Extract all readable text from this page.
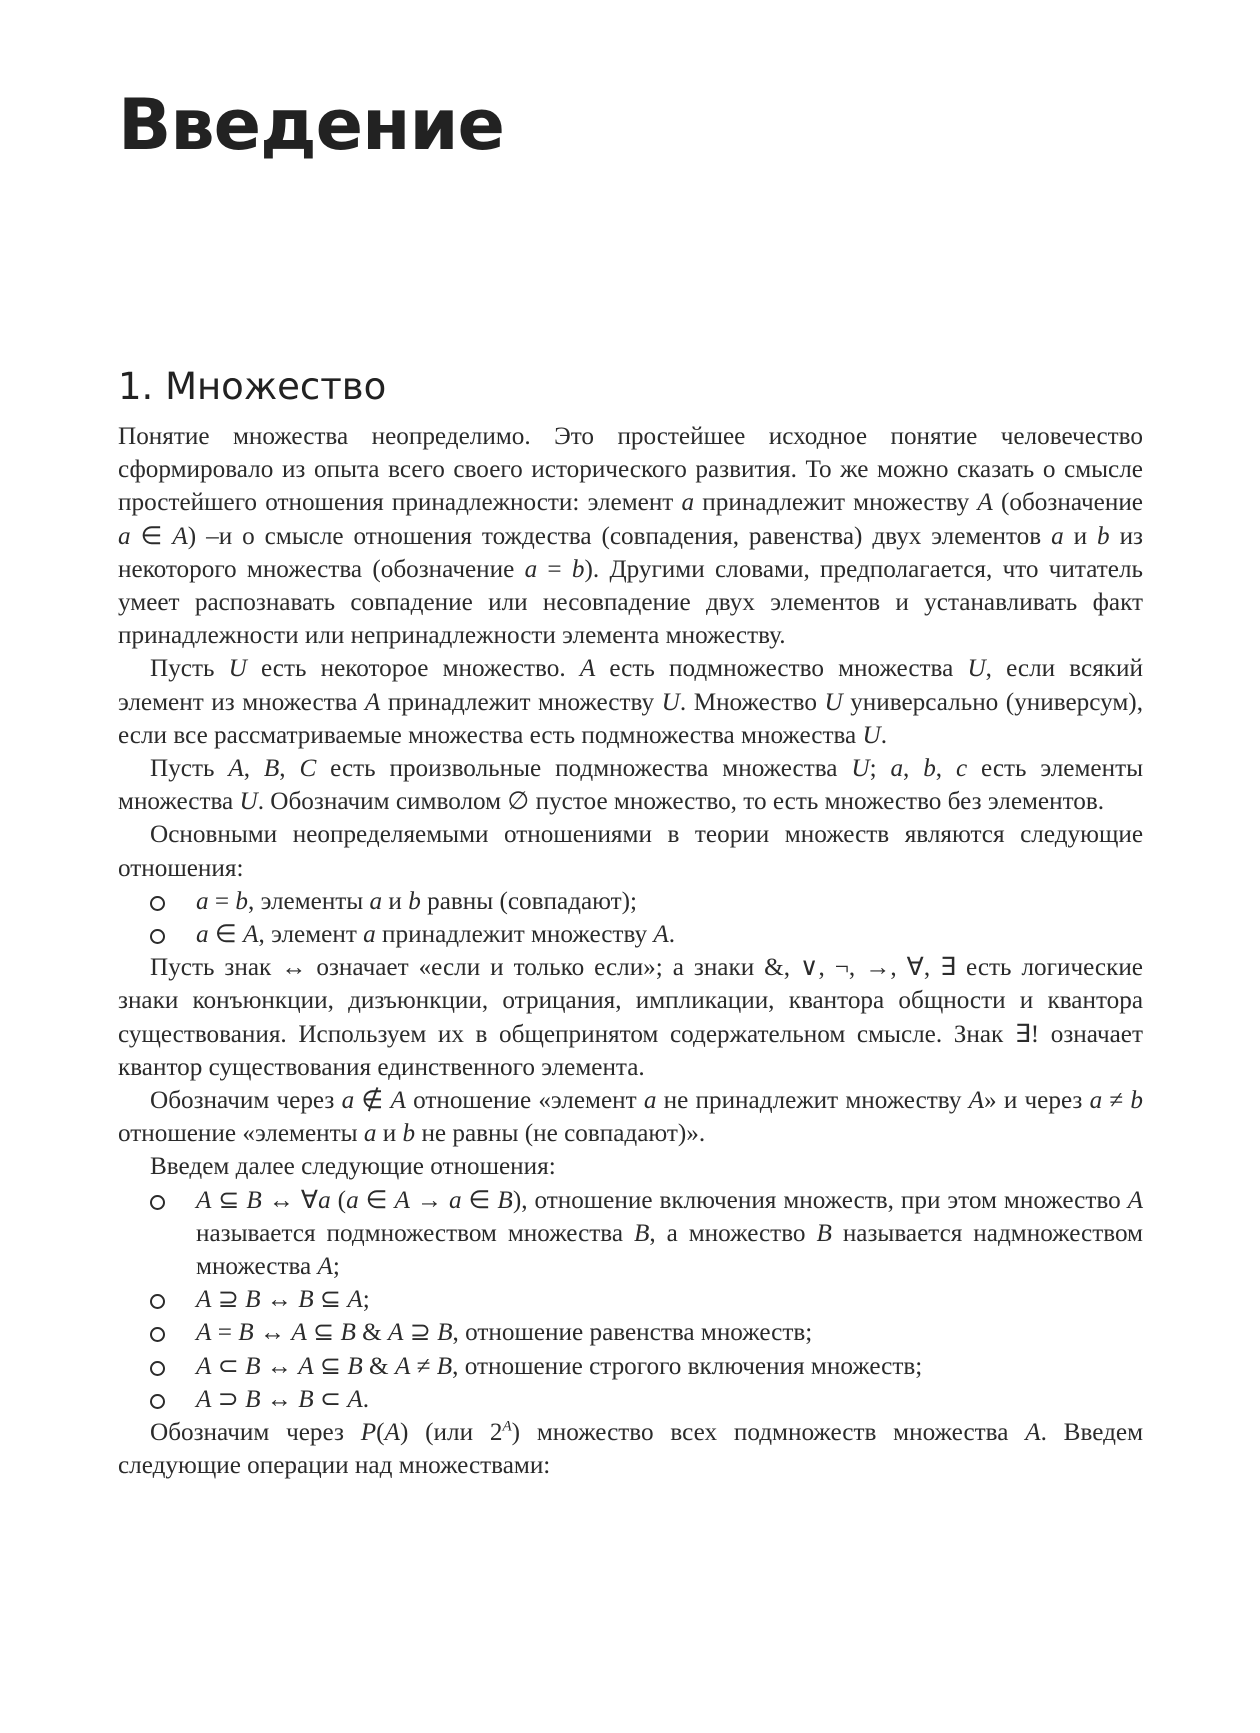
Введение
1. Множество

Понятие множества неопределимо. Это простейшее исходное понятие человечество сформировало из опыта всего своего исторического развития. То же можно сказать о смысле простейшего отношения принадлежности: элемент a принадлежит множеству A (обозначение a ∈ A) –и о смысле отношения тождества (совпадения, равенства) двух элементов a и b из некоторого множества (обозначение a = b). Другими словами, предполагается, что читатель умеет распознавать совпадение или несовпадение двух элементов и устанавливать факт принадлежности или непринадлежности элемента множеству.

Пусть U есть некоторое множество. A есть подмножество множества U, если всякий элемент из множества A принадлежит множеству U. Множество U универсально (универсум), если все рассматриваемые множества есть подмножества множества U.

Пусть A, B, C есть произвольные подмножества множества U; a, b, c есть элементы множества U. Обозначим символом ∅ пустое множество, то есть множество без элементов.

Основными неопределяемыми отношениями в теории множеств являются следующие отношения:

a = b, элементы a и b равны (совпадают);
a ∈ A, элемент a принадлежит множеству A.

Пусть знак ↔ означает «если и только если»; а знаки &, ∨, ¬, →, ∀, ∃ есть логические знаки конъюнкции, дизъюнкции, отрицания, импликации, квантора общности и квантора существования. Используем их в общепринятом содержательном смысле. Знак ∃! означает квантор существования единственного элемента.

Обозначим через a ∉ A отношение «элемент a не принадлежит множеству A» и через a ≠ b отношение «элементы a и b не равны (не совпадают)».

Введем далее следующие отношения:

A ⊆ B ↔ ∀a (a ∈ A → a ∈ B), отношение включения множеств, при этом множество A называется подмножеством множества B, а множество B называется надмножеством множества A;
A ⊇ B ↔ B ⊆ A;
A = B ↔ A ⊆ B & A ⊇ B, отношение равенства множеств;
A ⊂ B ↔ A ⊆ B & A ≠ B, отношение строгого включения множеств;
A ⊃ B ↔ B ⊂ A.

Обозначим через P(A) (или $2^A$) множество всех подмножеств множества A. Введем следующие операции над множествами:
